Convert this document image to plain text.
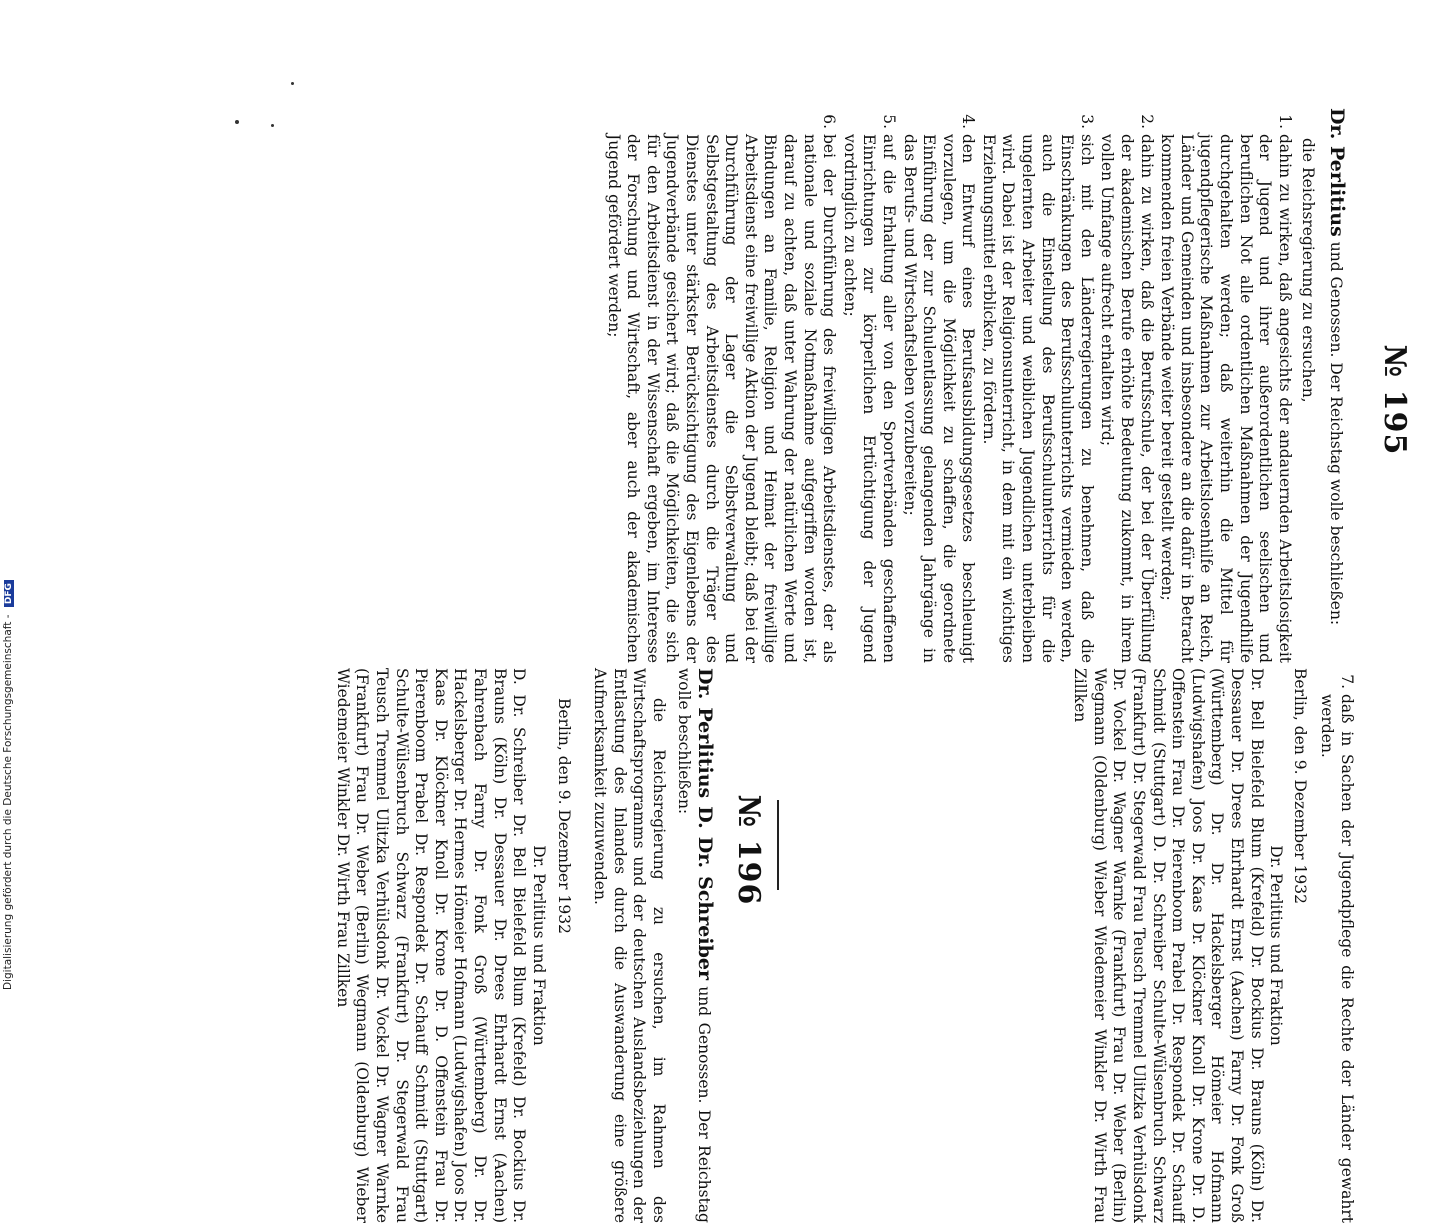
№ 195

Dr. Perlitius und Genossen. Der Reichstag wolle beschließen:

die Reichsregierung zu ersuchen,

1. dahin zu wirken, daß angesichts der andauernden Arbeitslosigkeit der Jugend und ihrer außerordentlichen seelischen und beruflichen Not alle ordentlichen Maßnahmen der Jugendhilfe durchgehalten werden; daß weiterhin die Mittel für jugendpflegerische Maßnahmen zur Arbeitslosenhilfe an Reich, Länder und Gemeinden und insbesondere an die dafür in Betracht kommenden freien Verbände weiter bereit gestellt werden;
2. dahin zu wirken, daß die Berufsschule, der bei der Überfüllung der akademischen Berufe erhöhte Bedeutung zukommt, in ihrem vollen Umfange aufrecht erhalten wird;
3. sich mit den Länderregierungen zu benehmen, daß die Einschränkungen des Berufsschulunterrichts vermieden werden, auch die Einstellung des Berufsschulunterrichts für die ungelernten Arbeiter und weiblichen Jugendlichen unterbleiben wird. Dabei ist der Religionsunterricht, in dem mit ein wichtiges Erziehungsmittel erblicken, zu fördern.
4. den Entwurf eines Berufsausbildungsgesetzes beschleunigt vorzulegen, um die Möglichkeit zu schaffen, die geordnete Einführung der zur Schulentlassung gelangenden Jahrgänge in das Berufs- und Wirtschaftsleben vorzubereiten;
5. auf die Erhaltung aller von den Sportverbänden geschaffenen Einrichtungen zur körperlichen Ertüchtigung der Jugend vordringlich zu achten;
6. bei der Durchführung des freiwilligen Arbeitsdienstes, der als nationale und soziale Notmaßnahme aufgegriffen worden ist, darauf zu achten, daß unter Wahrung der natürlichen Werte und Bindungen an Familie, Religion und Heimat der freiwillige Arbeitsdienst eine freiwillige Aktion der Jugend bleibt; daß bei der Durchführung der Lager die Selbstverwaltung und Selbstgestaltung des Arbeitsdienstes durch die Träger des Dienstes unter stärkster Berücksichtigung des Eigenlebens der Jugendverbände gesichert wird; daß die Möglichkeiten, die sich für den Arbeitsdienst in der Wissenschaft ergeben, im Interesse der Forschung und Wirtschaft, aber auch der akademischen Jugend gefördert werden;
7. daß in Sachen der Jugendpflege die Rechte der Länder gewahrt werden.

Berlin, den 9. Dezember 1932

Dr. Perlitius und Fraktion

Dr. Bell Bielefeld Blum (Krefeld) Dr. Bockius Dr. Brauns (Köln) Dr. Dessauer Dr. Drees Ehrhardt Ernst (Aachen) Farny Dr. Fonk Groß (Württemberg) Dr. Dr. Hackelsberger Hömeier Hofmann (Ludwigshafen) Joos Dr. Kaas Dr. Klöckner Knoll Dr. Krone Dr. D. Offenstein Frau Dr. Pierenboom Prabel Dr. Respondek Dr. Schauff Schmidt (Stuttgart) D. Dr. Schreiber Schulte-Wülsenbruch Schwarz (Frankfurt) Dr. Stegerwald Frau Teusch Tremmel Ulitzka Verhülsdonk Dr. Vockel Dr. Wagner Warnke (Frankfurt) Frau Dr. Weber (Berlin) Wegmann (Oldenburg) Wieber Wiedemeier Winkler Dr. Wirth Frau Zillken

№ 196

Dr. Perlitius D. Dr. Schreiber und Genossen. Der Reichstag wolle beschließen:

die Reichsregierung zu ersuchen, im Rahmen des Wirtschaftsprogramms und der deutschen Auslandsbeziehungen der Entlastung des Inlandes durch die Auswanderung eine größere Aufmerksamkeit zuzuwenden.

Berlin, den 9. Dezember 1932

Dr. Perlitius und Fraktion

D. Dr. Schreiber Dr. Bell Bielefeld Blum (Krefeld) Dr. Bockius Dr. Brauns (Köln) Dr. Dessauer Dr. Drees Ehrhardt Ernst (Aachen) Fahrenbach Farny Dr. Fonk Groß (Württemberg) Dr. Dr. Hackelsberger Dr. Hermes Hömeier Hofmann (Ludwigshafen) Joos Dr. Kaas Dr. Klöckner Knoll Dr. Krone Dr. D. Offenstein Frau Dr. Pierenboom Prabel Dr. Respondek Dr. Schauff Schmidt (Stuttgart) Schulte-Wülsenbruch Schwarz (Frankfurt) Dr. Stegerwald Frau Teusch Tremmel Ulitzka Verhülsdonk Dr. Vockel Dr. Wagner Warnke (Frankfurt) Frau Dr. Weber (Berlin) Wegmann (Oldenburg) Wieber Wiedemeier Winkler Dr. Wirth Frau Zillken

Digitalisierung gefördert durch die Deutsche Forschungsgemeinschaft - DFG
